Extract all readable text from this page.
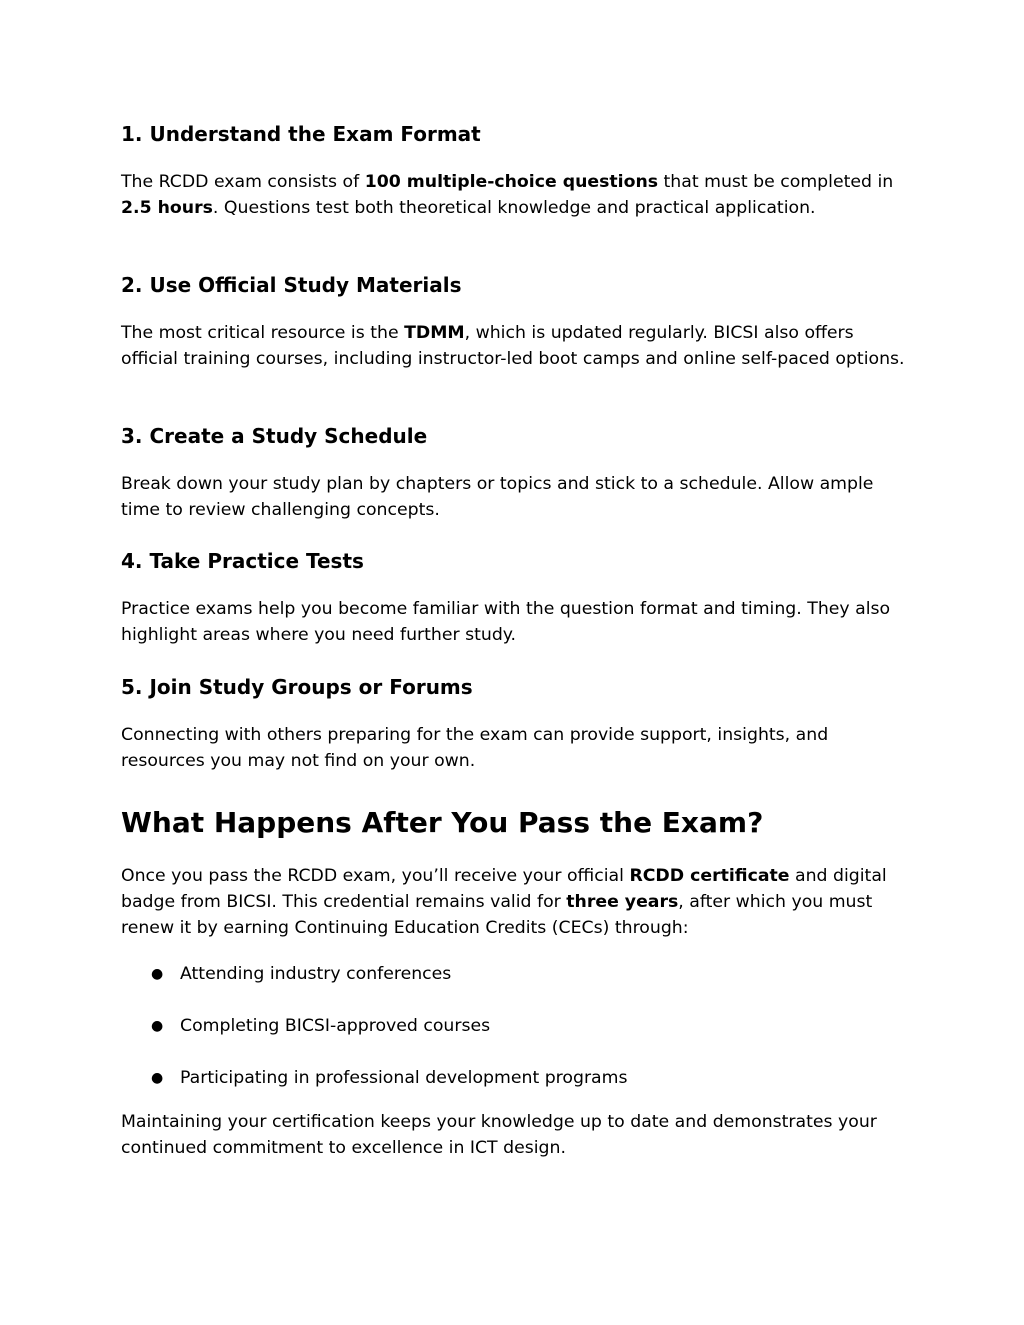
1. Understand the Exam Format

The RCDD exam consists of 100 multiple-choice questions that must be completed in 2.5 hours. Questions test both theoretical knowledge and practical application.

2. Use Official Study Materials

The most critical resource is the TDMM, which is updated regularly. BICSI also offers official training courses, including instructor-led boot camps and online self-paced options.

3. Create a Study Schedule

Break down your study plan by chapters or topics and stick to a schedule. Allow ample time to review challenging concepts.

4. Take Practice Tests

Practice exams help you become familiar with the question format and timing. They also highlight areas where you need further study.

5. Join Study Groups or Forums

Connecting with others preparing for the exam can provide support, insights, and resources you may not find on your own.

What Happens After You Pass the Exam?

Once you pass the RCDD exam, you’ll receive your official RCDD certificate and digital badge from BICSI. This credential remains valid for three years, after which you must renew it by earning Continuing Education Credits (CECs) through:

● Attending industry conferences
● Completing BICSI-approved courses
● Participating in professional development programs

Maintaining your certification keeps your knowledge up to date and demonstrates your continued commitment to excellence in ICT design.
